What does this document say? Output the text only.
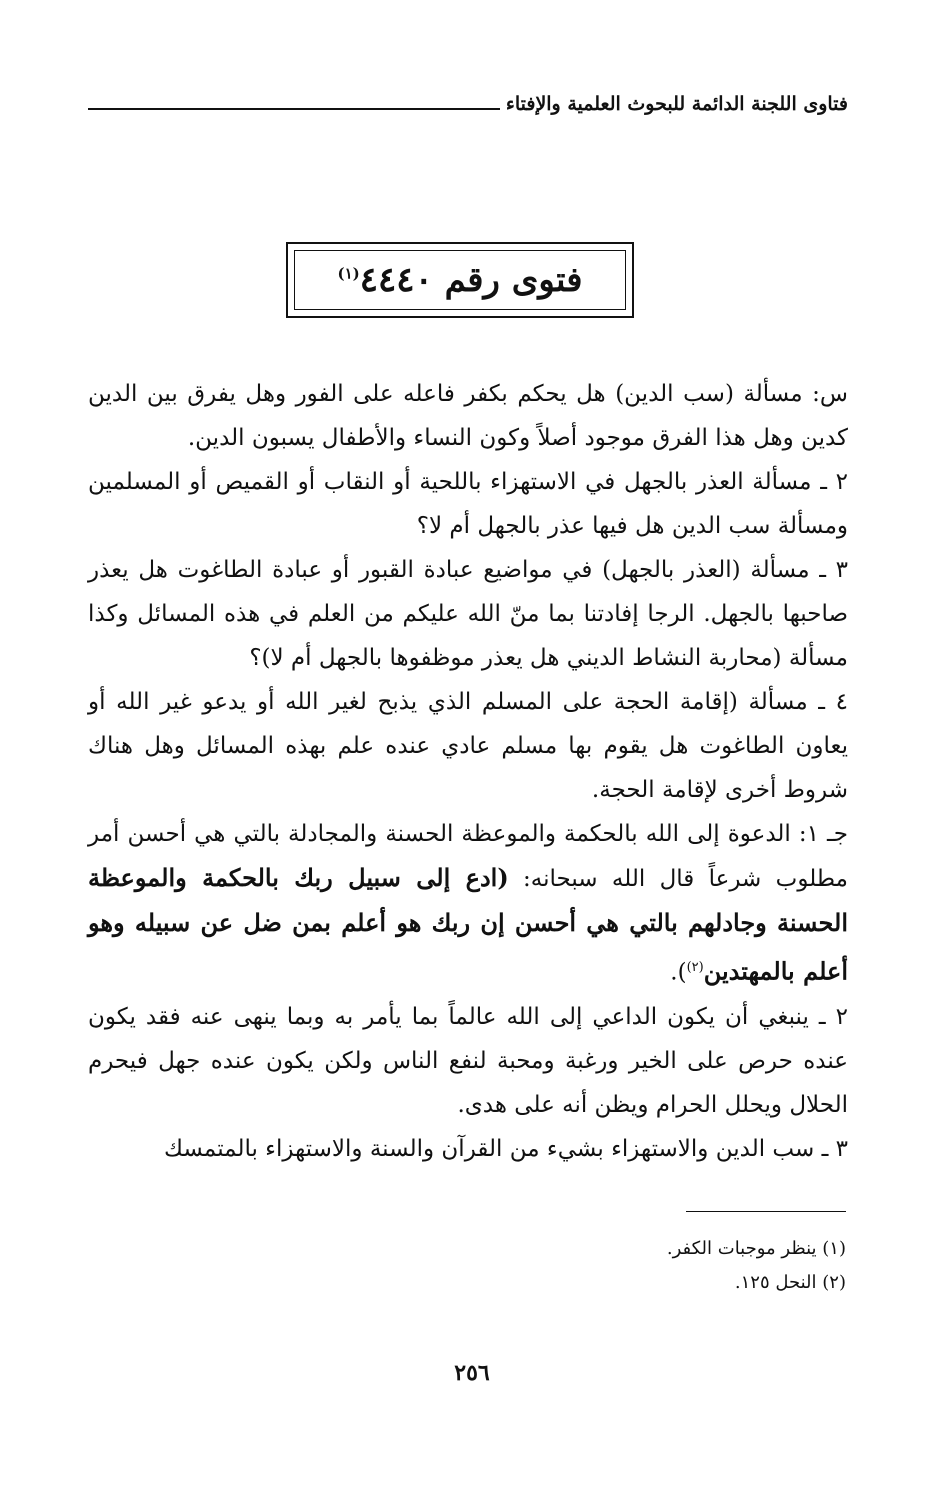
فتاوى اللجنة الدائمة للبحوث العلمية والإفتاء
فتوى رقم ٤٤٤٠$^{(١)}$

س: مسألة (سب الدين) هل يحكم بكفر فاعله على الفور وهل يفرق بين الدين كدين وهل هذا الفرق موجود أصلاً وكون النساء والأطفال يسبون الدين.

٢ ـ مسألة العذر بالجهل في الاستهزاء باللحية أو النقاب أو القميص أو المسلمين ومسألة سب الدين هل فيها عذر بالجهل أم لا؟

٣ ـ مسألة (العذر بالجهل) في مواضيع عبادة القبور أو عبادة الطاغوت هل يعذر صاحبها بالجهل. الرجا إفادتنا بما منّ الله عليكم من العلم في هذه المسائل وكذا مسألة (محاربة النشاط الديني هل يعذر موظفوها بالجهل أم لا)؟

٤ ـ مسألة (إقامة الحجة على المسلم الذي يذبح لغير الله أو يدعو غير الله أو يعاون الطاغوت هل يقوم بها مسلم عادي عنده علم بهذه المسائل وهل هناك شروط أخرى لإقامة الحجة.

جـ ١: الدعوة إلى الله بالحكمة والموعظة الحسنة والمجادلة بالتي هي أحسن أمر مطلوب شرعاً قال الله سبحانه: (ادع إلى سبيل ربك بالحكمة والموعظة الحسنة وجادلهم بالتي هي أحسن إن ربك هو أعلم بمن ضل عن سبيله وهو أعلم بالمهتدين$^{(٢)}$).

٢ ـ ينبغي أن يكون الداعي إلى الله عالماً بما يأمر به وبما ينهى عنه فقد يكون عنده حرص على الخير ورغبة ومحبة لنفع الناس ولكن يكون عنده جهل فيحرم الحلال ويحلل الحرام ويظن أنه على هدى.

٣ ـ سب الدين والاستهزاء بشيء من القرآن والسنة والاستهزاء بالمتمسك

(١) ينظر موجبات الكفر.
(٢) النحل ١٢٥.
٢٥٦
